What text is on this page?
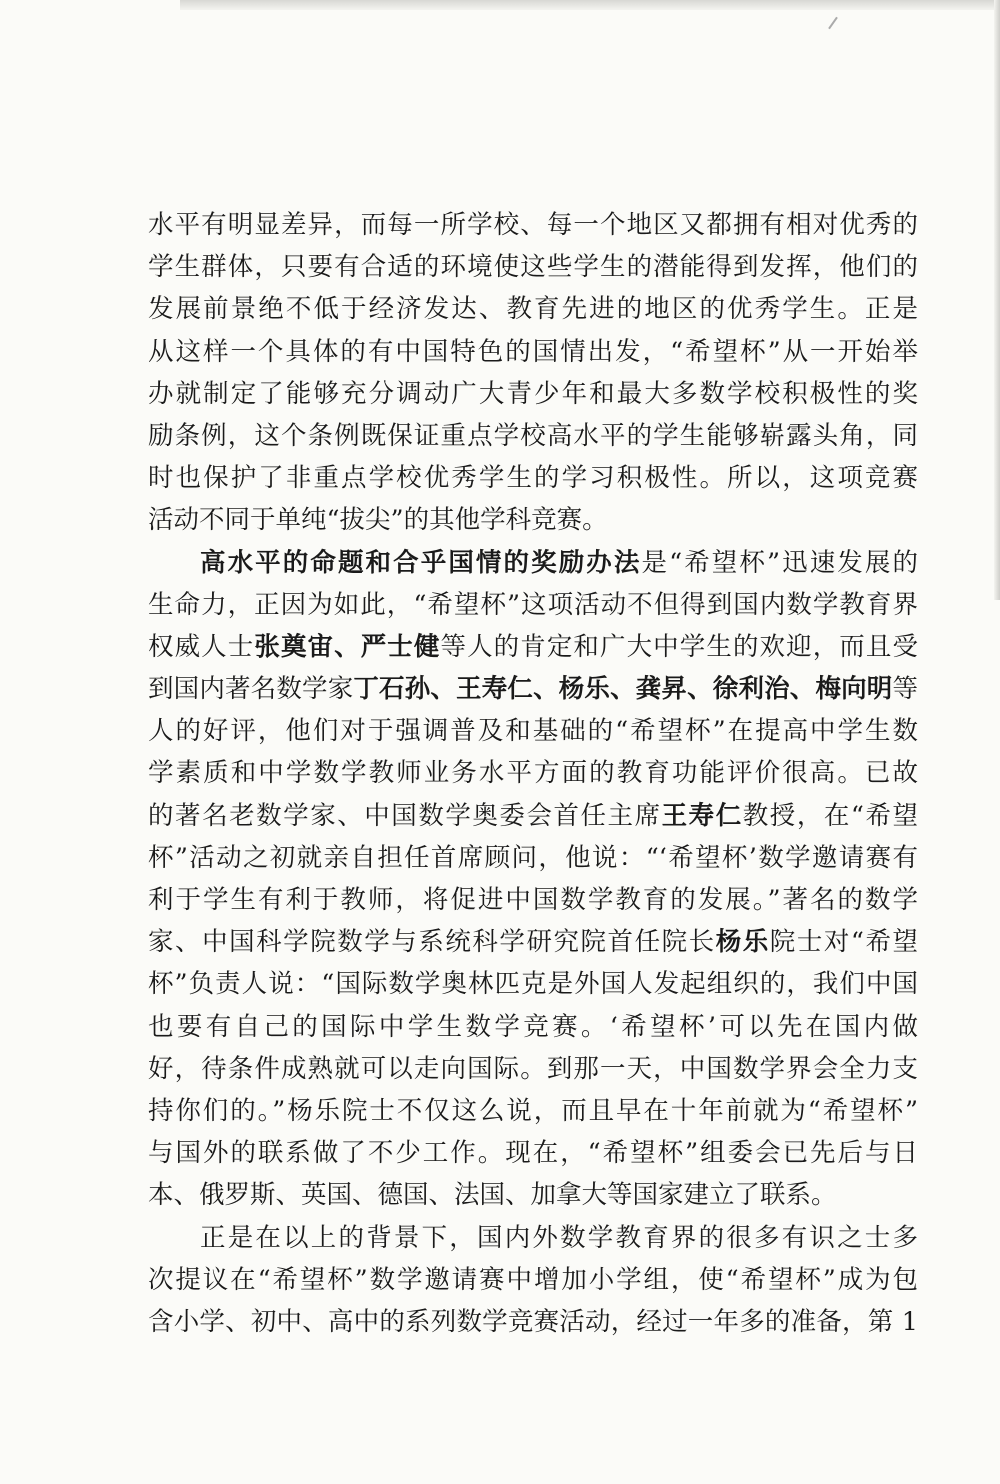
水平有明显差异，而每一所学校、每一个地区又都拥有相对优秀的
学生群体，只要有合适的环境使这些学生的潜能得到发挥，他们的
发展前景绝不低于经济发达、教育先进的地区的优秀学生。正是
从这样一个具体的有中国特色的国情出发，“希望杯”从一开始举
办就制定了能够充分调动广大青少年和最大多数学校积极性的奖
励条例，这个条例既保证重点学校高水平的学生能够崭露头角，同
时也保护了非重点学校优秀学生的学习积极性。所以，这项竞赛
活动不同于单纯“拔尖”的其他学科竞赛。
高水平的命题和合乎国情的奖励办法是“希望杯”迅速发展的
生命力，正因为如此，“希望杯”这项活动不但得到国内数学教育界
权威人士张奠宙、严士健等人的肯定和广大中学生的欢迎，而且受
到国内著名数学家丁石孙、王寿仁、杨乐、龚昇、徐利治、梅向明等
人的好评，他们对于强调普及和基础的“希望杯”在提高中学生数
学素质和中学数学教师业务水平方面的教育功能评价很高。已故
的著名老数学家、中国数学奥委会首任主席王寿仁教授，在“希望
杯”活动之初就亲自担任首席顾问，他说：“‘希望杯’数学邀请赛有
利于学生有利于教师，将促进中国数学教育的发展。”著名的数学
家、中国科学院数学与系统科学研究院首任院长杨乐院士对“希望
杯”负责人说：“国际数学奥林匹克是外国人发起组织的，我们中国
也要有自己的国际中学生数学竞赛。‘希望杯’可以先在国内做
好，待条件成熟就可以走向国际。到那一天，中国数学界会全力支
持你们的。”杨乐院士不仅这么说，而且早在十年前就为“希望杯”
与国外的联系做了不少工作。现在，“希望杯”组委会已先后与日
本、俄罗斯、英国、德国、法国、加拿大等国家建立了联系。
正是在以上的背景下，国内外数学教育界的很多有识之士多
次提议在“希望杯”数学邀请赛中增加小学组，使“希望杯”成为包
含小学、初中、高中的系列数学竞赛活动，经过一年多的准备，第 1
